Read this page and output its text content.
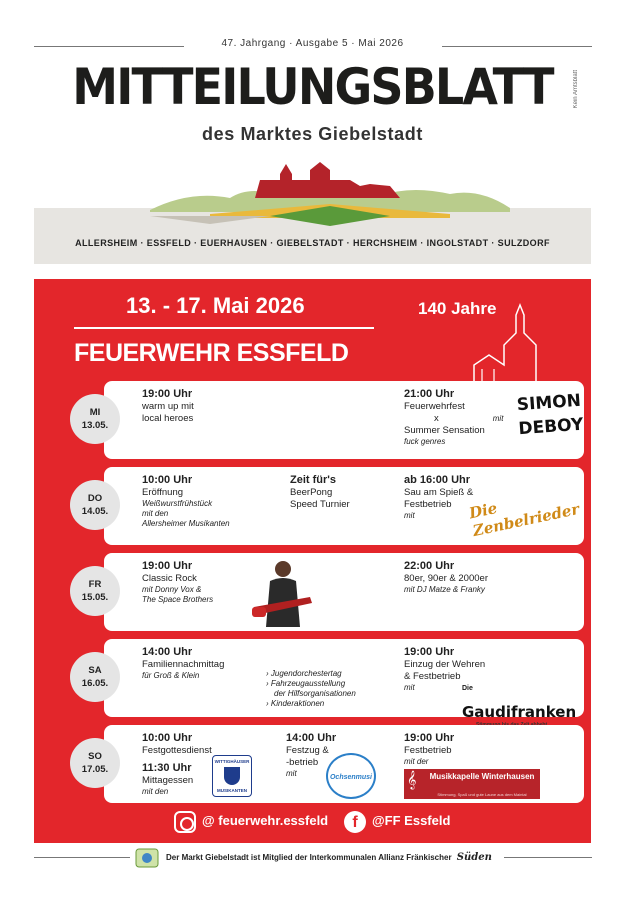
47. Jahrgang · Ausgabe 5 · Mai 2026
MITTEILUNGSBLATT
des Marktes Giebelstadt
Kein Amtsblatt
ALLERSHEIM · ESSFELD · EUERHAUSEN · GIEBELSTADT · HERCHSHEIM · INGOLSTADT · SULZDORF
13. - 17. Mai 2026
FEUERWEHR ESSFELD
140 Jahre
MI
13.05.
19:00 Uhr
warm up mit
local heroes
21:00 Uhr
Feuerwehrfest
x	mit
Summer Sensation
fuck genres
SIMON DEBOY
DO
14.05.
10:00 Uhr
Eröffnung
Weißwurstfrühstück
mit den
Allersheimer Musikanten
Zeit für's
BeerPong
Speed Turnier
ab 16:00 Uhr
Sau am Spieß &
Festbetrieb
mit	Die Zenbelrieder
FR
15.05.
19:00 Uhr
Classic Rock
mit Donny Vox &
The Space Brothers
22:00 Uhr
80er, 90er & 2000er
mit DJ Matze & Franky
SA
16.05.
14:00 Uhr
Familiennachmittag
für Groß & Klein	› Jugendorchestertag
› Fahrzeugausstellung
der Hilfsorganisationen
› Kinderaktionen
19:00 Uhr
Einzug der Wehren
& Festbetrieb
mit	$^{Die}$ Gaudifranken
SO
17.05.
10:00 Uhr
Festgottesdienst
11:30 Uhr
Mittagessen
mit den
WITTIGHÄUSER
MUSIKANTEN
14:00 Uhr
Festzug &
-betrieb
mit	Ochsenmusi
19:00 Uhr
Festbetrieb
mit der
𝄞	Musikkapelle Winterhausen
Stimmung, Spaß und gute Laune aus dem Maintal
@ feuerwehr.essfeld	f	@FF Essfeld
Der Markt Giebelstadt ist Mitglied der Interkommunalen Allianz Fränkischer Süden
